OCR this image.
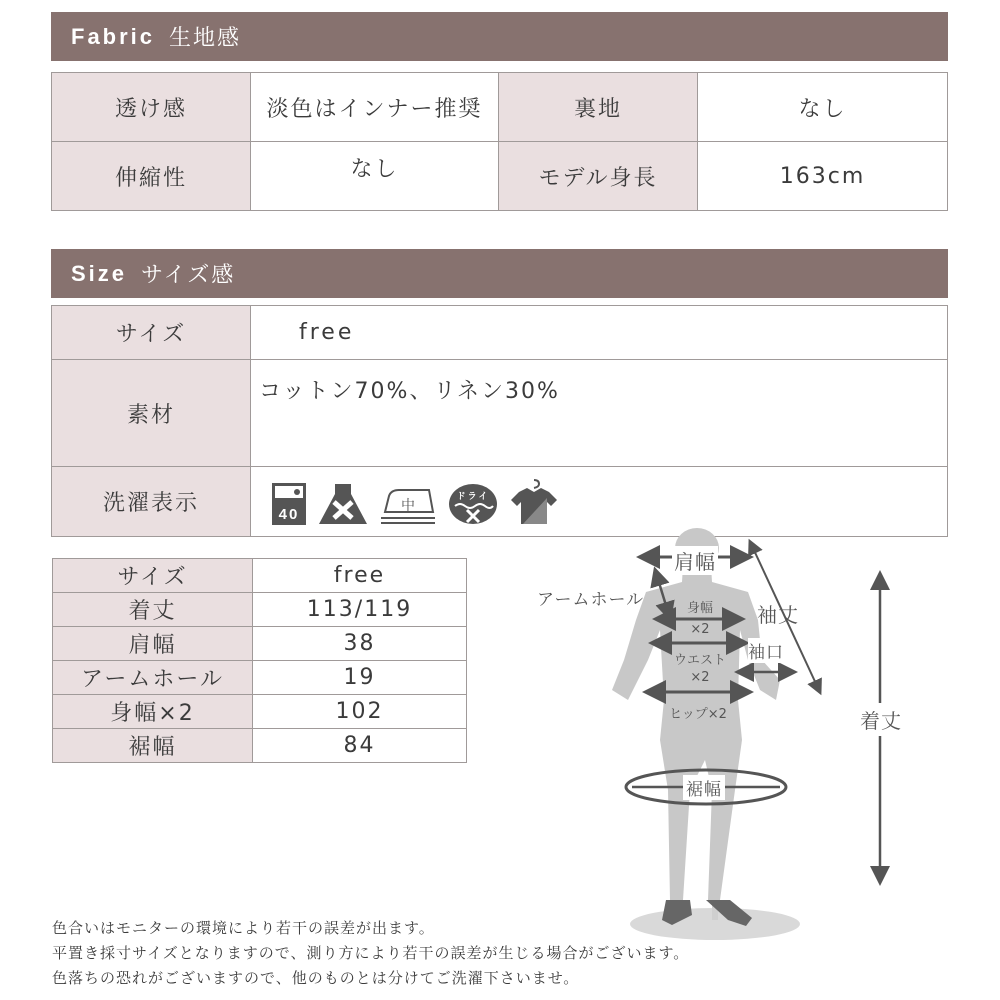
Fabric 生地感
透け感	淡色はインナー推奨	裏地	なし
伸縮性	なし	モデル身長	163cm
Size サイズ感
サイズ	free
素材	コットン70%、リネン30%
洗濯表示	40 中
ドライ
サイズ	free
着丈	113/119
肩幅	38
アームホール	19
身幅×2	102
裾幅	84
肩幅
アームホール
袖丈
身幅
×2
袖口
ウエスト
×2
ヒップ×2
裾幅
着丈
色合いはモニターの環境により若干の誤差が出ます。
平置き採寸サイズとなりますので、測り方により若干の誤差が生じる場合がございます。
色落ちの恐れがございますので、他のものとは分けてご洗濯下さいませ。
